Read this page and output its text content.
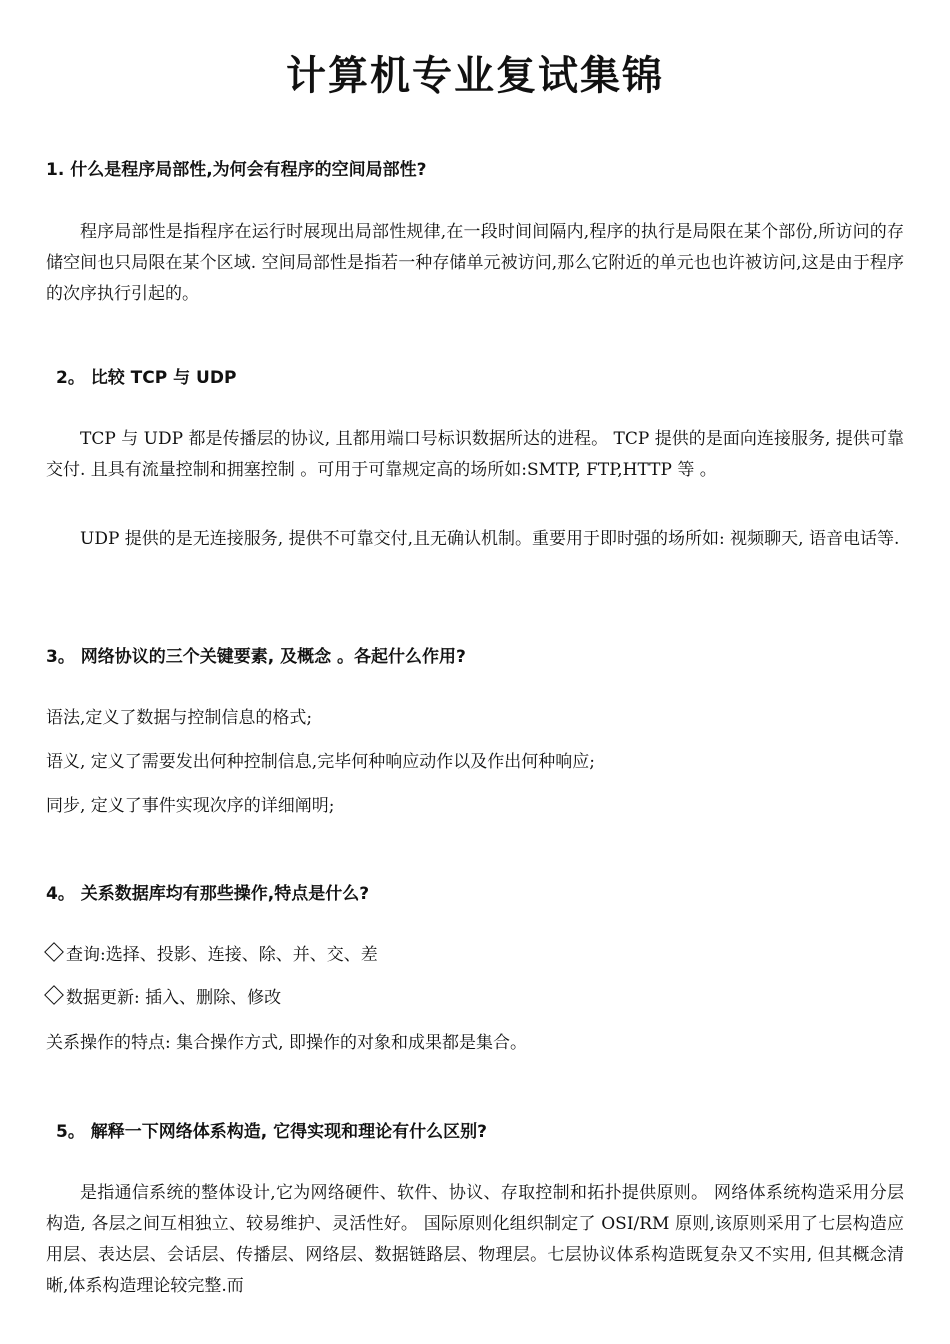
计算机专业复试集锦
1. 什么是程序局部性,为何会有程序的空间局部性?

程序局部性是指程序在运行时展现出局部性规律,在一段时间间隔内,程序的执行是局限在某个部份,所访问的存储空间也只局限在某个区域. 空间局部性是指若一种存储单元被访问,那么它附近的单元也也许被访问,这是由于程序的次序执行引起的。

2。 比较 TCP 与 UDP

TCP 与 UDP 都是传播层的协议, 且都用端口号标识数据所达的进程。 TCP 提供的是面向连接服务, 提供可靠交付. 且具有流量控制和拥塞控制 。可用于可靠规定高的场所如:SMTP, FTP,HTTP 等 。

UDP 提供的是无连接服务, 提供不可靠交付,且无确认机制。重要用于即时强的场所如: 视频聊天, 语音电话等.

3。 网络协议的三个关键要素, 及概念 。各起什么作用?

语法,定义了数据与控制信息的格式;

语义, 定义了需要发出何种控制信息,完毕何种响应动作以及作出何种响应;

同步, 定义了事件实现次序的详细阐明;

4。 关系数据库均有那些操作,特点是什么?

查询:选择、投影、连接、除、并、交、差

数据更新: 插入、删除、修改

关系操作的特点: 集合操作方式, 即操作的对象和成果都是集合。

5。 解释一下网络体系构造, 它得实现和理论有什么区别?

是指通信系统的整体设计,它为网络硬件、软件、协议、存取控制和拓扑提供原则。 网络体系统构造采用分层构造, 各层之间互相独立、较易维护、灵活性好。 国际原则化组织制定了 OSI/RM 原则,该原则采用了七层构造应用层、表达层、会话层、传播层、网络层、数据链路层、物理层。七层协议体系构造既复杂又不实用, 但其概念清晰,体系构造理论较完整.而
